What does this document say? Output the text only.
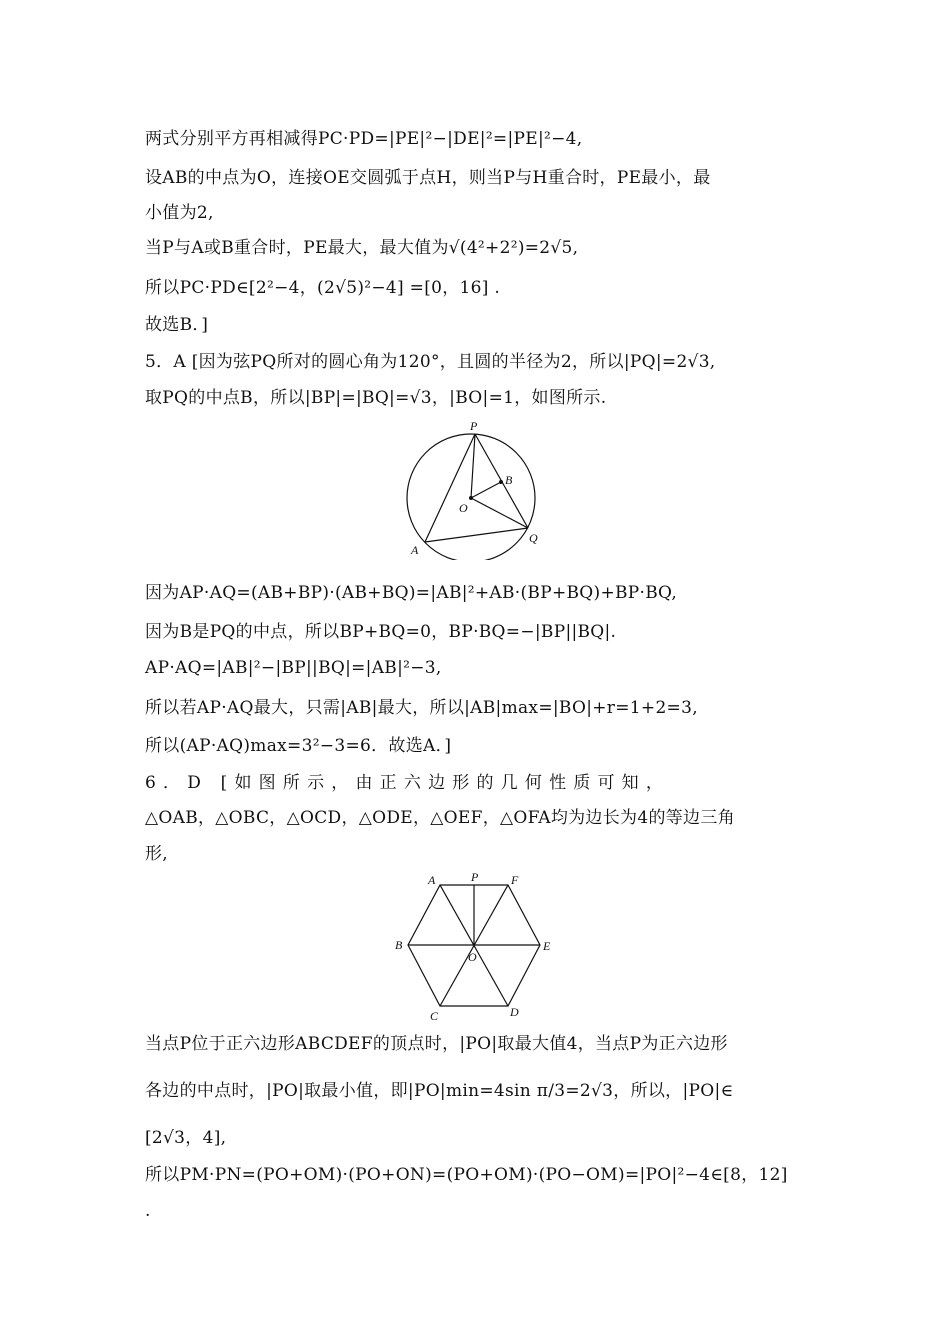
两式分别平方再相减得PC·PD=|PE|²−|DE|²=|PE|²−4,
设AB的中点为O，连接OE交圆弧于点H，则当P与H重合时，PE最小，最
小值为2,
当P与A或B重合时，PE最大，最大值为√(4²+2²)=2√5,
所以PC·PD∈[2²−4，(2√5)²−4] =[0，16] .
故选B．]
5．A [因为弦PQ所对的圆心角为120°，且圆的半径为2，所以|PQ|=2√3,
取PQ的中点B，所以|BP|=|BQ|=√3，|BO|=1，如图所示.
P
B
O
A
Q
因为AP·AQ=(AB+BP)·(AB+BQ)=|AB|²+AB·(BP+BQ)+BP·BQ,
因为B是PQ的中点，所以BP+BQ=0，BP·BQ=−|BP||BQ|.
AP·AQ=|AB|²−|BP||BQ|=|AB|²−3,
所以若AP·AQ最大，只需|AB|最大，所以|AB|max=|BO|+r=1+2=3,
所以(AP·AQ)max=3²−3=6．故选A．]
6．D [如图所示，由正六边形的几何性质可知，
△OAB，△OBC，△OCD，△ODE，△OEF，△OFA均为边长为4的等边三角
形,
A	P	F
B	E
O
C	D
当点P位于正六边形ABCDEF的顶点时，|PO|取最大值4，当点P为正六边形
各边的中点时，|PO|取最小值，即|PO|min=4sin π/3=2√3，所以，|PO|∈
[2√3，4],
所以PM·PN=(PO+OM)·(PO+ON)=(PO+OM)·(PO−OM)=|PO|²−4∈[8，12]
.
